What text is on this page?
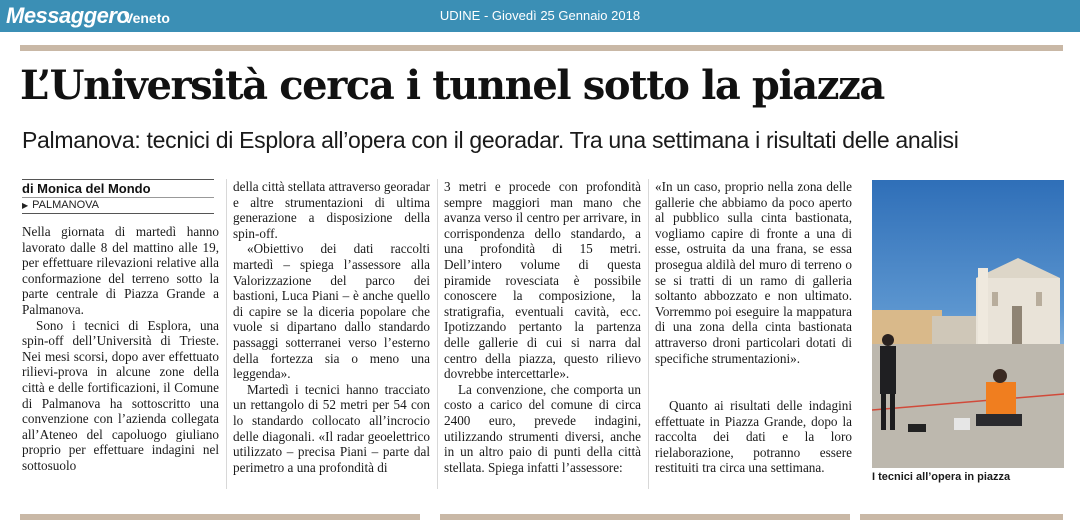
Messaggero
Veneto	UDINE - Giovedì 25 Gennaio 2018
L’Università cerca i tunnel sotto la piazza
Palmanova: tecnici di Esplora all’opera con il georadar. Tra una settimana i risultati delle analisi
di Monica del Mondo
▶ PALMANOVA

Nella giornata di martedì hanno lavorato dalle 8 del mattino alle 19, per effettuare rilevazioni relative alla conformazione del terreno sotto la parte centrale di Piazza Grande a Palmanova.

Sono i tecnici di Esplora, una spin-off dell’Università di Trieste. Nei mesi scorsi, dopo aver effettuato rilievi-prova in alcune zone della città e delle fortificazioni, il Comune di Palmanova ha sottoscritto una convenzione con l’azienda collegata all’Ateneo del capoluogo giuliano proprio per effettuare indagini nel sottosuolo

della città stellata attraverso georadar e altre strumentazioni di ultima generazione a disposizione della spin-off.

«Obiettivo dei dati raccolti martedì – spiega l’assessore alla Valorizzazione del parco dei bastioni, Luca Piani – è anche quello di capire se la diceria popolare che vuole si dipartano dallo standardo passaggi sotterranei verso l’esterno della fortezza sia o meno una leggenda».

Martedì i tecnici hanno tracciato un rettangolo di 52 metri per 54 con lo standardo collocato all’incrocio delle diagonali. «Il radar geoelettrico utilizzato – precisa Piani – parte dal perimetro a una profondità di

3 metri e procede con profondità sempre maggiori man mano che avanza verso il centro per arrivare, in corrispondenza dello standardo, a una profondità di 15 metri. Dell’intero volume di questa piramide rovesciata è possibile conoscere la composizione, la stratigrafia, eventuali cavità, ecc. Ipotizzando pertanto la partenza delle gallerie di cui si narra dal centro della piazza, questo rilievo dovrebbe intercettarle».

La convenzione, che comporta un costo a carico del comune di circa 2400 euro, prevede indagini, utilizzando strumenti diversi, anche in un altro paio di punti della città stellata. Spiega infatti l’assessore:

«In un caso, proprio nella zona delle gallerie che abbiamo da poco aperto al pubblico sulla cinta bastionata, vogliamo capire di fronte a una di esse, ostruita da una frana, se essa prosegua aldilà del muro di terreno o se si tratti di un ramo di galleria soltanto abbozzato e non ultimato. Vorremmo poi eseguire la mappatura di una zona della cinta bastionata attraverso droni particolari dotati di specifiche strumentazioni».

Quanto ai risultati delle indagini effettuate in Piazza Grande, dopo la raccolta dei dati e la loro rielaborazione, potranno essere restituiti tra circa una settimana.

I tecnici all’opera in piazza
